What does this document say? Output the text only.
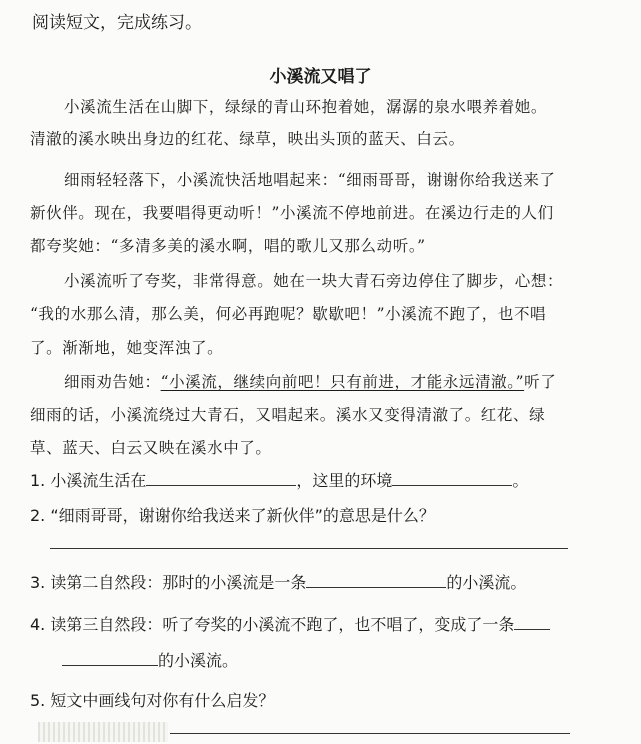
阅读短文，完成练习。
小溪流又唱了
小溪流生活在山脚下，绿绿的青山环抱着她，潺潺的泉水喂养着她。
清澈的溪水映出身边的红花、绿草，映出头顶的蓝天、白云。
细雨轻轻落下，小溪流快活地唱起来：“细雨哥哥，谢谢你给我送来了
新伙伴。现在，我要唱得更动听！”小溪流不停地前进。在溪边行走的人们
都夸奖她：“多清多美的溪水啊，唱的歌儿又那么动听。”
小溪流听了夸奖，非常得意。她在一块大青石旁边停住了脚步，心想：
“我的水那么清，那么美，何必再跑呢？歇歇吧！”小溪流不跑了，也不唱
了。渐渐地，她变浑浊了。
细雨劝告她：“小溪流，继续向前吧！只有前进，才能永远清澈。”听了
细雨的话，小溪流绕过大青石，又唱起来。溪水又变得清澈了。红花、绿
草、蓝天、白云又映在溪水中了。
1. 小溪流生活在	，这里的环境	。
2. “细雨哥哥，谢谢你给我送来了新伙伴”的意思是什么？
3. 读第二自然段：那时的小溪流是一条	的小溪流。
4. 读第三自然段：听了夸奖的小溪流不跑了，也不唱了，变成了一条
的小溪流。
5. 短文中画线句对你有什么启发？
